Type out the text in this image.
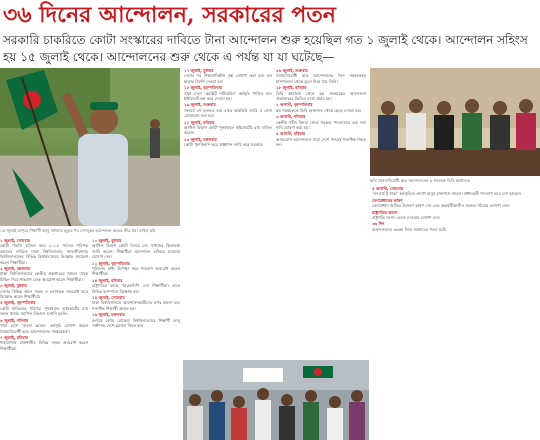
৩৬ দিনের আন্দোলন, সরকারের পতন
সরকারি চাকরিতে কোটা সংস্কারের দাবিতে টানা আন্দোলন শুরু হয়েছিল গত ১ জুলাই থেকে। আন্দোলন সহিংস হয় ১৫ জুলাই থেকে। আন্দোলনের শুরু থেকে এ পর্যন্ত যা যা ঘটেছে—
১৬ জুলাই রংপুরে শিক্ষার্থী আবু সাঈদের মৃত্যুর পর দেশজুড়ে আন্দোলন আরও তীব্র হয়। ফাইল ছবি
ছবি: বৈষম্যবিরোধী ছাত্র আন্দোলনের ৬ সমন্বয়ক ডিবি কার্যালয়ে

১ জুলাই, সোমবার
কোটা পদ্ধতি বাতিল করে ২০১৮ সালের পরিপত্র বহালের দাবিতে ঢাকা বিশ্ববিদ্যালয়, জাহাঙ্গীরনগর বিশ্ববিদ্যালয়সহ বিভিন্ন বিশ্ববিদ্যালয়ে বিক্ষোভ সমাবেশ করেন শিক্ষার্থীরা।

২ জুলাই, মঙ্গলবার
ঢাকা বিশ্ববিদ্যালয়ের কেন্দ্রীয় গ্রন্থাগারের সামনে থেকে মিছিল নিয়ে শাহবাগ মোড় অবরোধ করেন শিক্ষার্থীরা।

৩ জুলাই, বুধবার
দেশের বিভিন্ন স্থানে সড়ক ও মহাসড়ক অবরোধ করে বিক্ষোভ করেন শিক্ষার্থীরা।

৪ জুলাই, বৃহস্পতিবার
কোটা বাতিলের পরিপত্র পুনর্বহালে হাইকোর্টের রায় বহাল থাকে। আপিল বিভাগে শুনানি হয়নি।

৬ জুলাই, শনিবার
সারা দেশে ‘বাংলা ব্লকেড’ কর্মসূচি ঘোষণা করেন বৈষম্যবিরোধী ছাত্র আন্দোলনের সমন্বয়কেরা।

৭ জুলাই, রবিবার
শাহবাগসহ রাজধানীর বিভিন্ন সড়ক অবরোধ করেন শিক্ষার্থীরা।

১০ জুলাই, বুধবার
আপিল বিভাগ কোটা বিষয়ে চার সপ্তাহের স্থিতাবস্থা জারি করেন। শিক্ষার্থীরা আন্দোলন চালিয়ে যাওয়ার ঘোষণা দেন।

১১ জুলাই, বৃহস্পতিবার
পুলিশের বাধা উপেক্ষা করে শাহবাগ অবরোধ করেন শিক্ষার্থীরা।

১৪ জুলাই, রবিবার
রাষ্ট্রপতির কাছে স্মারকলিপি দেন শিক্ষার্থীরা। রাতে বিভিন্ন ক্যাম্পাসে বিক্ষোভ হয়।

১৫ জুলাই, সোমবার
ঢাকা বিশ্ববিদ্যালয়ে আন্দোলনকারীদের ওপর হামলা হয়। শতাধিক শিক্ষার্থী আহত হন।

১৬ জুলাই, মঙ্গলবার
রংপুরে বেগম রোকেয়া বিশ্ববিদ্যালয়ের শিক্ষার্থী আবু সাঈদসহ দেশে ছয়জন নিহত হন।

১৭ জুলাই, বুধবার
দেশের সব শিক্ষাপ্রতিষ্ঠান বন্ধ ঘোষণা করা হয়। হল ছাড়ার নির্দেশ দেওয়া হয়।

১৮ জুলাই, বৃহস্পতিবার
সারা দেশে ‘কমপ্লিট শাটডাউন’ কর্মসূচি পালিত হয়। ইন্টারনেট বন্ধ করে দেওয়া হয়।

১৯ জুলাই, শুক্রবার
সংঘর্ষে বহু হতাহত হয়। রাতে কারফিউ জারি ও সেনা মোতায়েন করা হয়।

২১ জুলাই, রবিবার
আপিল বিভাগ কোটা পুনর্বহালে হাইকোর্টের রায় বাতিল করেন।

২৩ জুলাই, মঙ্গলবার
কোটা পুনর্বিন্যাস করে প্রজ্ঞাপন জারি করে সরকার।

২৬ জুলাই, শুক্রবার
বৈষম্যবিরোধী ছাত্র আন্দোলনের তিন সমন্বয়ককে হাসপাতাল থেকে তুলে নিয়ে যায় ডিবি।

২৮ জুলাই, রবিবার
ডিবি কার্যালয় থেকে ছয় সমন্বয়কের আন্দোলন প্রত্যাহারের ভিডিও বার্তা প্রচার হয়।

১ আগস্ট, বৃহস্পতিবার
ছয় সমন্বয়ককে ডিবি হেফাজত থেকে ছেড়ে দেওয়া হয়।

৩ আগস্ট, শনিবার
কেন্দ্রীয় শহীদ মিনার থেকে সরকার পদত্যাগের এক দফা দাবি ঘোষণা করা হয়।

৪ আগস্ট, রবিবার
অসহযোগ আন্দোলনে সারা দেশে সংঘর্ষে শতাধিক নিহত হন।

৫ আগস্ট, সোমবার
‘লং মার্চ টু ঢাকা’ কর্মসূচিতে লাখো মানুষ রাজপথে নামেন। প্রধানমন্ত্রী পদত্যাগ করে দেশ ছাড়েন।

সেনাপ্রধানের ভাষণ
সেনাপ্রধান জাতির উদ্দেশে ভাষণ দেন এবং অন্তর্বর্তীকালীন সরকার গঠনের ঘোষণা দেন।

রাষ্ট্রপতির ভাষণ
রাষ্ট্রপতি সংসদ ভেঙে দেওয়ার ঘোষণা দেন।

৩৬ দিন
আন্দোলনের ৩৬তম দিনে সরকারের পতন ঘটে।
